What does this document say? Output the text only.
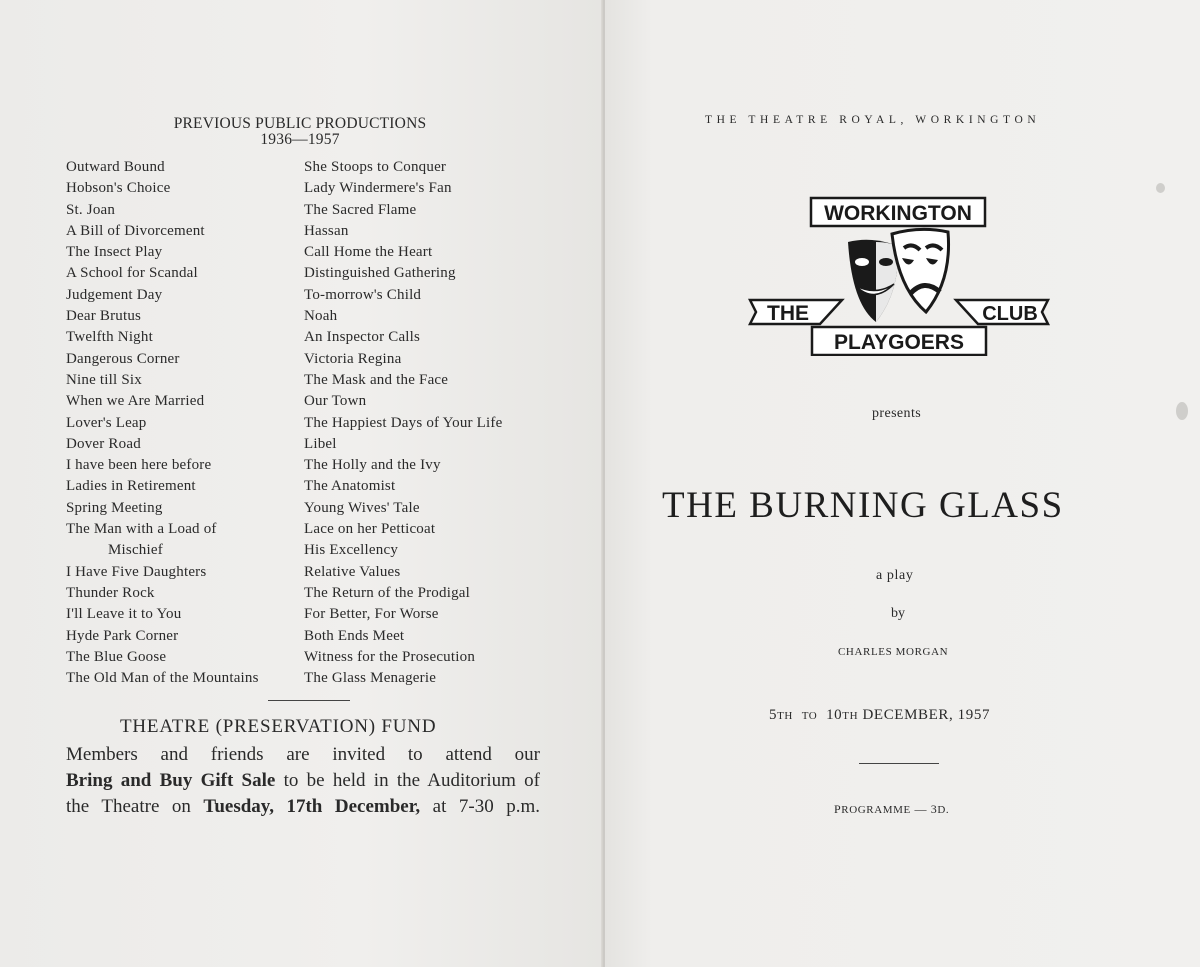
PREVIOUS PUBLIC PRODUCTIONS
1936—1957
Outward Bound
Hobson's Choice
St. Joan
A Bill of Divorcement
The Insect Play
A School for Scandal
Judgement Day
Dear Brutus
Twelfth Night
Dangerous Corner
Nine till Six
When we Are Married
Lover's Leap
Dover Road
I have been here before
Ladies in Retirement
Spring Meeting
The Man with a Load of
Mischief
I Have Five Daughters
Thunder Rock
I'll Leave it to You
Hyde Park Corner
The Blue Goose
The Old Man of the Mountains
She Stoops to Conquer
Lady Windermere's Fan
The Sacred Flame
Hassan
Call Home the Heart
Distinguished Gathering
To-morrow's Child
Noah
An Inspector Calls
Victoria Regina
The Mask and the Face
Our Town
The Happiest Days of Your Life
Libel
The Holly and the Ivy
The Anatomist
Young Wives' Tale
Lace on her Petticoat
His Excellency
Relative Values
The Return of the Prodigal
For Better, For Worse
Both Ends Meet
Witness for the Prosecution
The Glass Menagerie
THEATRE (PRESERVATION) FUND
Members and friends are invited to attend our
Bring and Buy Gift Sale to be held in the Auditorium of
the Theatre on Tuesday, 17th December, at 7-30 p.m.
THE THEATRE ROYAL, WORKINGTON
WORKINGTON
THE	CLUB
PLAYGOERS
presents
THE BURNING GLASS
a play
by
CHARLES MORGAN
5TH TO 10TH DECEMBER, 1957
PROGRAMME — 3D.
